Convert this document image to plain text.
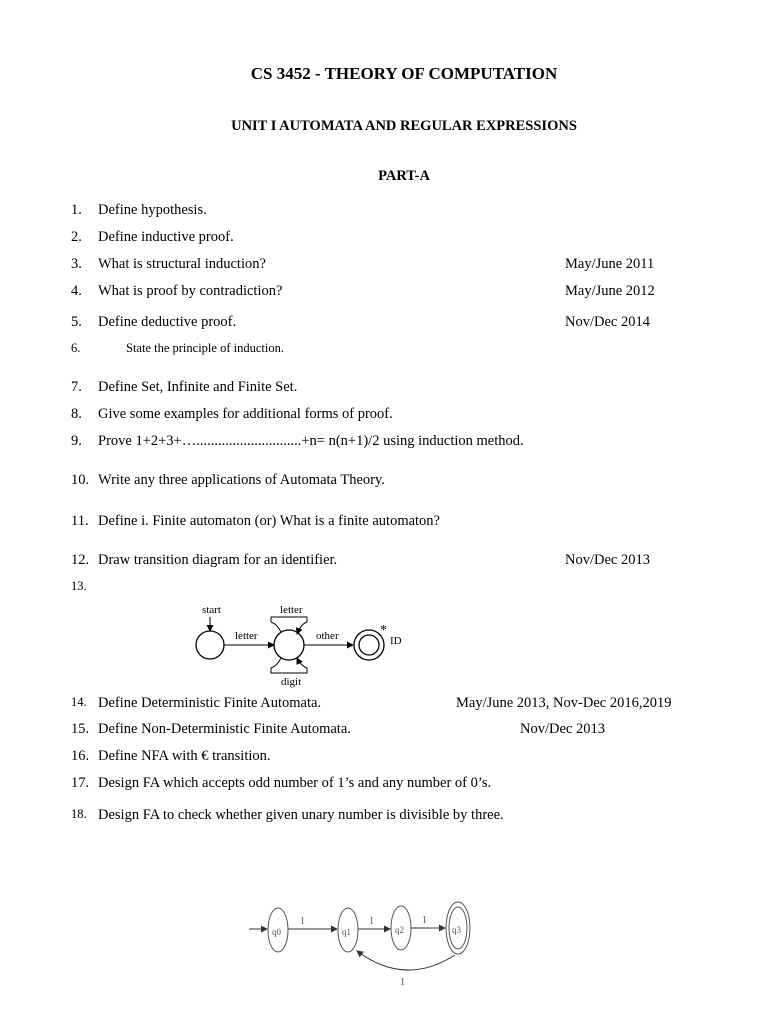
CS 3452 - THEORY OF COMPUTATION
UNIT I AUTOMATA AND REGULAR EXPRESSIONS
PART-A
1. Define hypothesis.
2. Define inductive proof.
3. What is structural induction?	May/June 2011
4. What is proof by contradiction?	May/June 2012
5. Define deductive proof.	Nov/Dec 2014
6.	State the principle of induction.
7. Define Set, Infinite and Finite Set.
8. Give some examples for additional forms of proof.
9. Prove 1+2+3+….............................+n= n(n+1)/2 using induction method.
10. Write any three applications of Automata Theory.
11. Define i. Finite automaton (or) What is a finite automaton?
12. Draw transition diagram for an identifier.	Nov/Dec 2013
13.
start
letter
letter
digit
other	*
ID
14. Define Deterministic Finite Automata.	May/June 2013, Nov-Dec 2016,2019
15. Define Non-Deterministic Finite Automata.	Nov/Dec 2013
16. Define NFA with € transition.
17. Design FA which accepts odd number of 1’s and any number of 0’s.
18. Design FA to check whether given unary number is divisible by three.
q0
1
q1
1
q2
1
q3
1
